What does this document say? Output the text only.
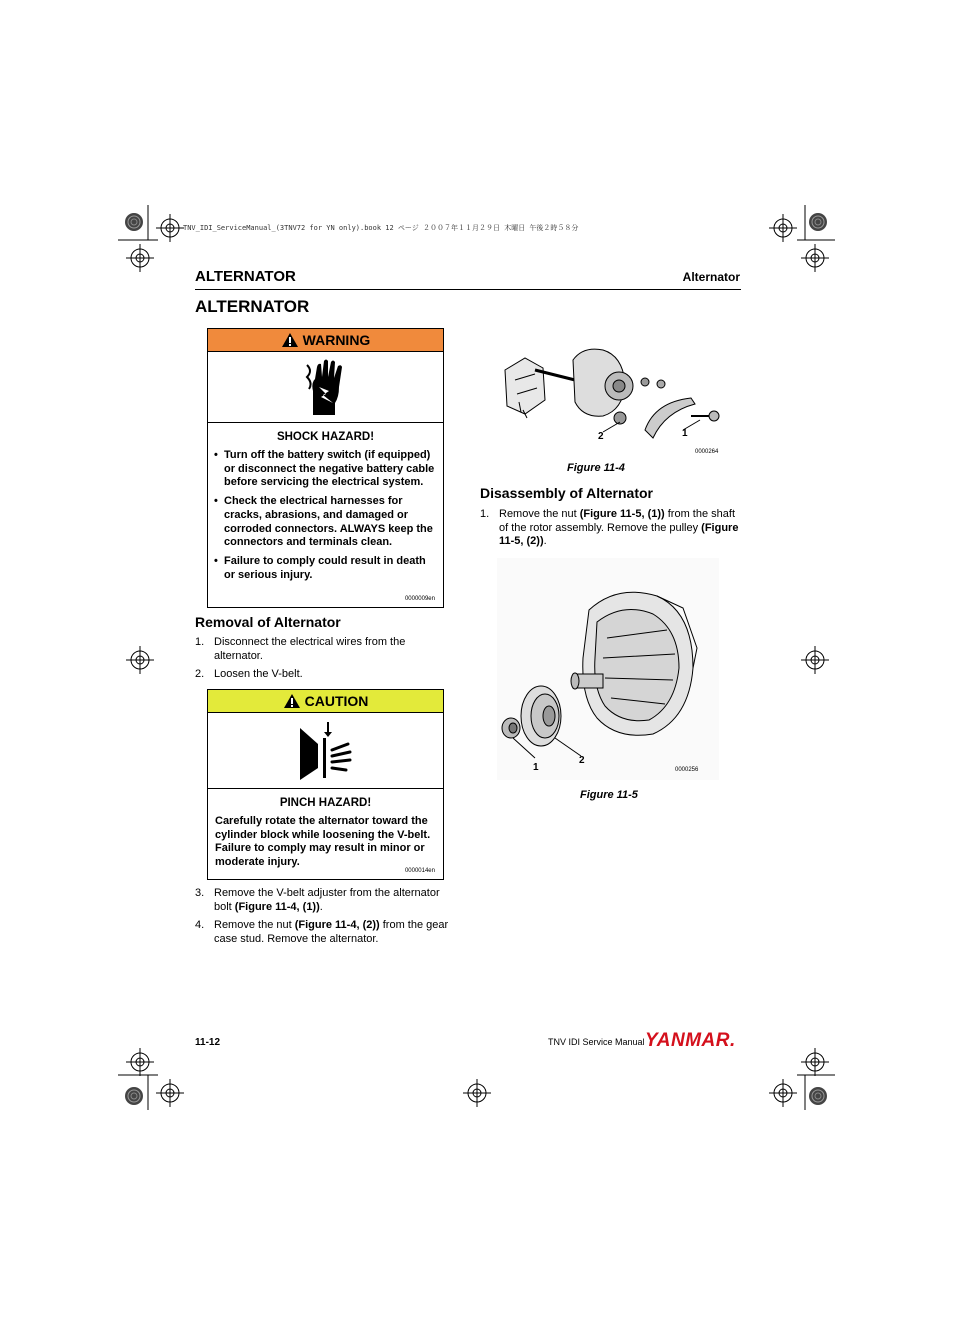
TNV_IDI_ServiceManual_(3TNV72 for YN only).book 12 ページ ２００７年１１月２９日 木曜日 午後２時５８分
ALTERNATOR	Alternator
ALTERNATOR
WARNING
SHOCK HAZARD!
• Turn off the battery switch (if equipped) or disconnect the negative battery cable before servicing the electrical system.
• Check the electrical harnesses for cracks, abrasions, and damaged or corroded connectors. ALWAYS keep the connectors and terminals clean.
• Failure to comply could result in death or serious injury.
0000009en
Removal of Alternator
1. Disconnect the electrical wires from the alternator.
2. Loosen the V-belt.
CAUTION
PINCH HAZARD!
Carefully rotate the alternator toward the cylinder block while loosening the V-belt. Failure to comply may result in minor or moderate injury.
0000014en
3. Remove the V-belt adjuster from the alternator bolt (Figure 11-4, (1)).
4. Remove the nut (Figure 11-4, (2)) from the gear case stud. Remove the alternator.
2	1
0000264
Figure 11-4
Disassembly of Alternator
1. Remove the nut (Figure 11-5, (1)) from the shaft of the rotor assembly. Remove the pulley (Figure 11-5, (2)).
1
2
0000256
Figure 11-5
11-12	TNV IDI Service Manual YANMAR.
